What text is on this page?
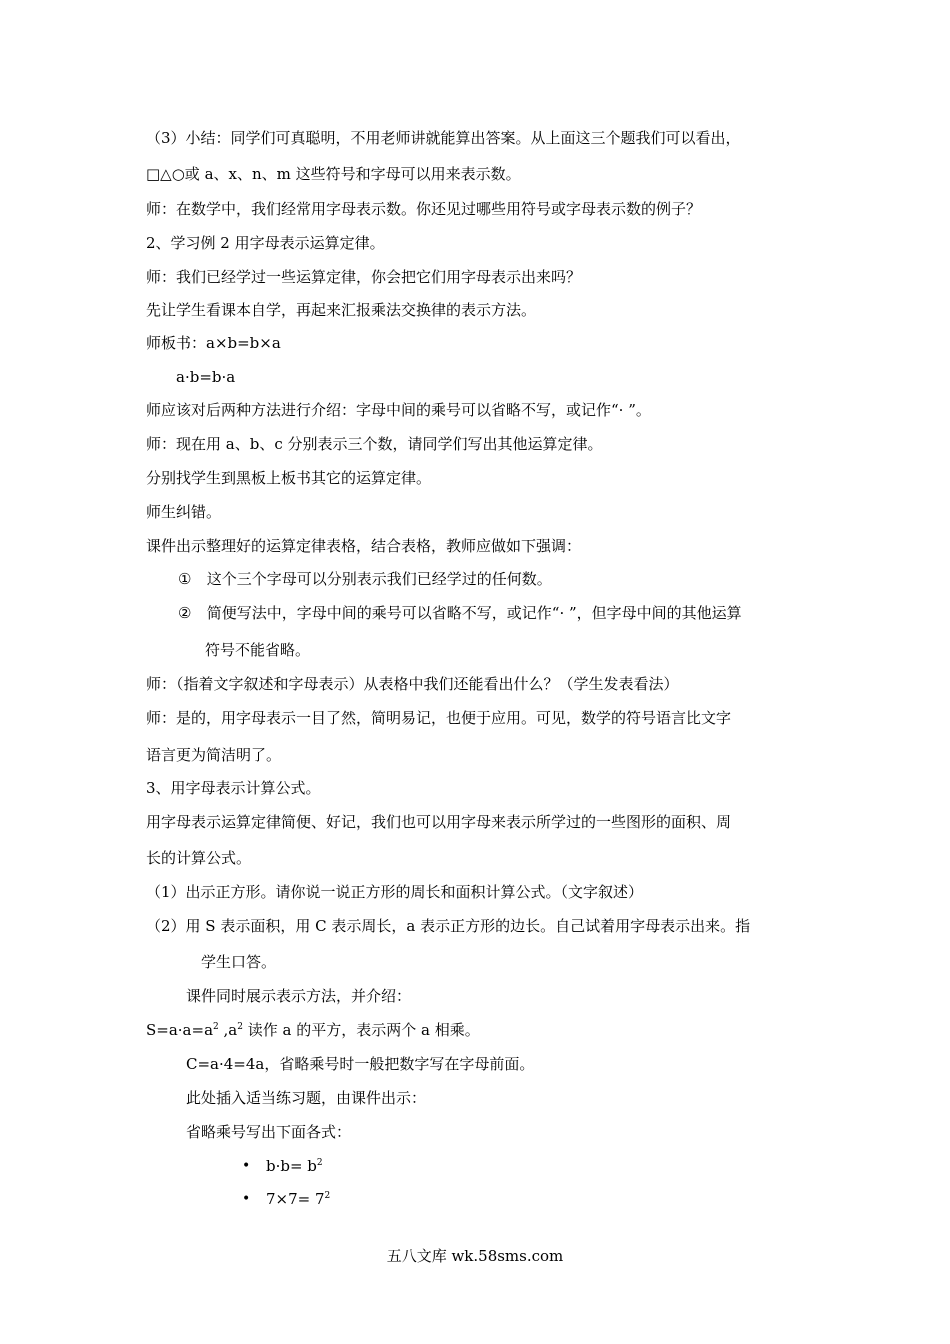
（3）小结：同学们可真聪明，不用老师讲就能算出答案。从上面这三个题我们可以看出，
□△○或 a、x、n、m 这些符号和字母可以用来表示数。
师：在数学中，我们经常用字母表示数。你还见过哪些用符号或字母表示数的例子？
2、学习例 2 用字母表示运算定律。
师：我们已经学过一些运算定律，你会把它们用字母表示出来吗？
先让学生看课本自学，再起来汇报乘法交换律的表示方法。
师板书：a×b=b×a
a·b=b·a
师应该对后两种方法进行介绍：字母中间的乘号可以省略不写，或记作“· ”。
师：现在用 a、b、c 分别表示三个数，请同学们写出其他运算定律。
分别找学生到黑板上板书其它的运算定律。
师生纠错。
课件出示整理好的运算定律表格，结合表格，教师应做如下强调：
① 这个三个字母可以分别表示我们已经学过的任何数。
② 简便写法中，字母中间的乘号可以省略不写，或记作“· ”，但字母中间的其他运算
符号不能省略。
师：（指着文字叙述和字母表示）从表格中我们还能看出什么？（学生发表看法）
师：是的，用字母表示一目了然，简明易记，也便于应用。可见，数学的符号语言比文字
语言更为简洁明了。
3、用字母表示计算公式。
用字母表示运算定律简便、好记，我们也可以用字母来表示所学过的一些图形的面积、周
长的计算公式。
（1）出示正方形。请你说一说正方形的周长和面积计算公式。（文字叙述）
（2）用 S 表示面积，用 C 表示周长，a 表示正方形的边长。自己试着用字母表示出来。指
学生口答。
课件同时展示表示方法，并介绍：
$S=a\cdot a=a^2$ $,a^2$ 读作 a 的平方，表示两个 a 相乘。
C=a·4=4a，省略乘号时一般把数字写在字母前面。
此处插入适当练习题，由课件出示：
省略乘号写出下面各式：
• $b\cdot b= b^2$
• $7\times 7= 7^2$
五八文库 wk.58sms.com
